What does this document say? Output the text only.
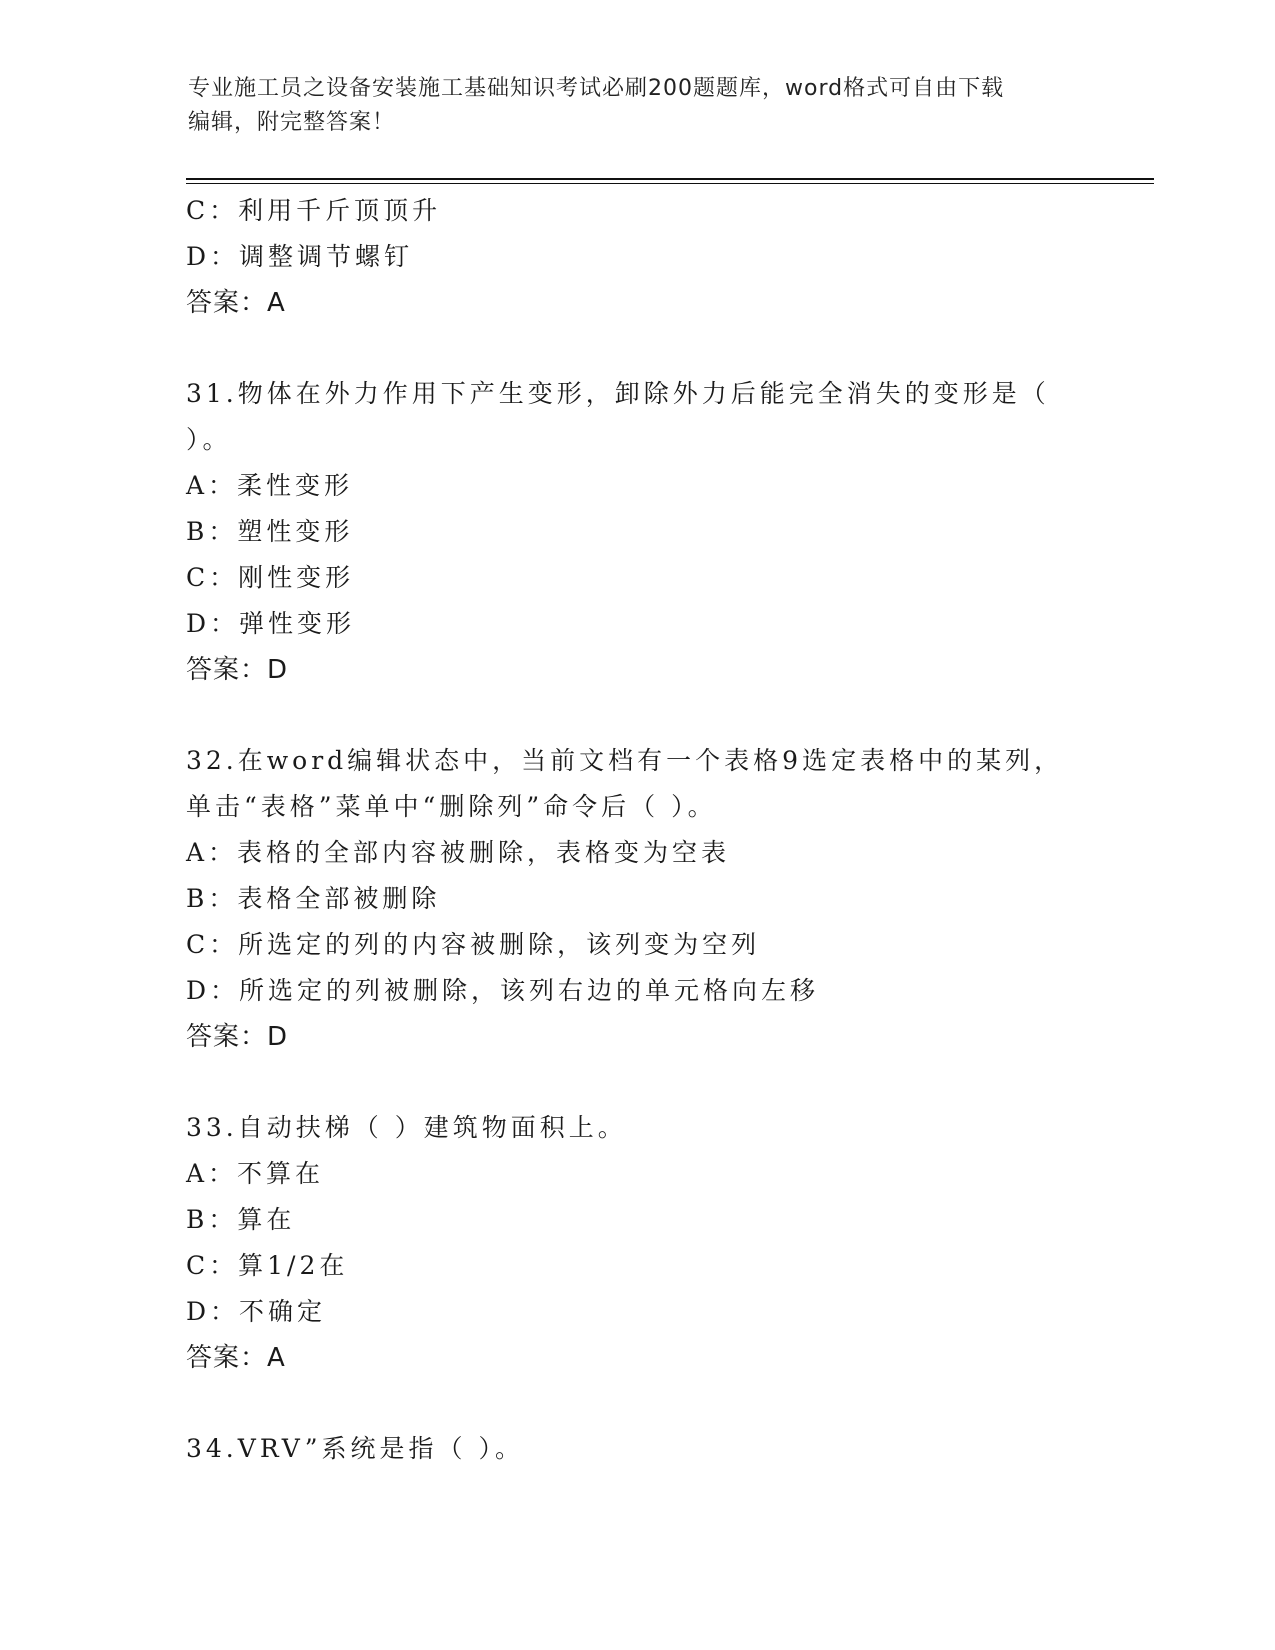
专业施工员之设备安装施工基础知识考试必刷200题题库，word格式可自由下载
编辑，附完整答案！
C：利用千斤顶顶升
D：调整调节螺钉
答案：A
31.物体在外力作用下产生变形，卸除外力后能完全消失的变形是（
）。
A：柔性变形
B：塑性变形
C：刚性变形
D：弹性变形
答案：D
32.在word编辑状态中，当前文档有一个表格9选定表格中的某列，
单击“表格”菜单中“删除列”命令后（ ）。
A：表格的全部内容被删除，表格变为空表
B：表格全部被删除
C：所选定的列的内容被删除，该列变为空列
D：所选定的列被删除，该列右边的单元格向左移
答案：D
33.自动扶梯（ ）建筑物面积上。
A：不算在
B：算在
C：算1/2在
D：不确定
答案：A
34.VRV”系统是指（ ）。
